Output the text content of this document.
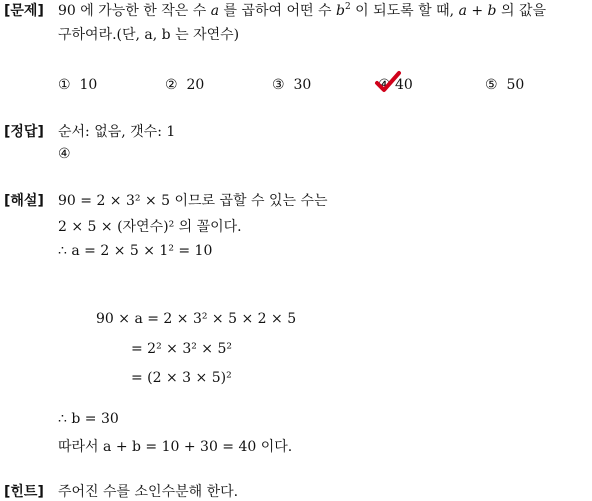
[문제] 90 에 가능한 한 작은 수 a 를 곱하여 어떤 수 $b^2$ 이 되도록 할 때, a + b 의 값을
구하여라.(단, a, b 는 자연수)
① 10	② 20	③ 30	④ 40	⑤ 50
[정답] 순서: 없음, 갯수: 1
④
[해설] 90 = 2 × 3² × 5 이므로 곱할 수 있는 수는
2 × 5 × (자연수)² 의 꼴이다.
∴ a = 2 × 5 × 1² = 10
90 × a = 2 × 3² × 5 × 2 × 5
= 2² × 3² × 5²
= (2 × 3 × 5)²
∴ b = 30
따라서 a + b = 10 + 30 = 40 이다.
[힌트] 주어진 수를 소인수분해 한다.
